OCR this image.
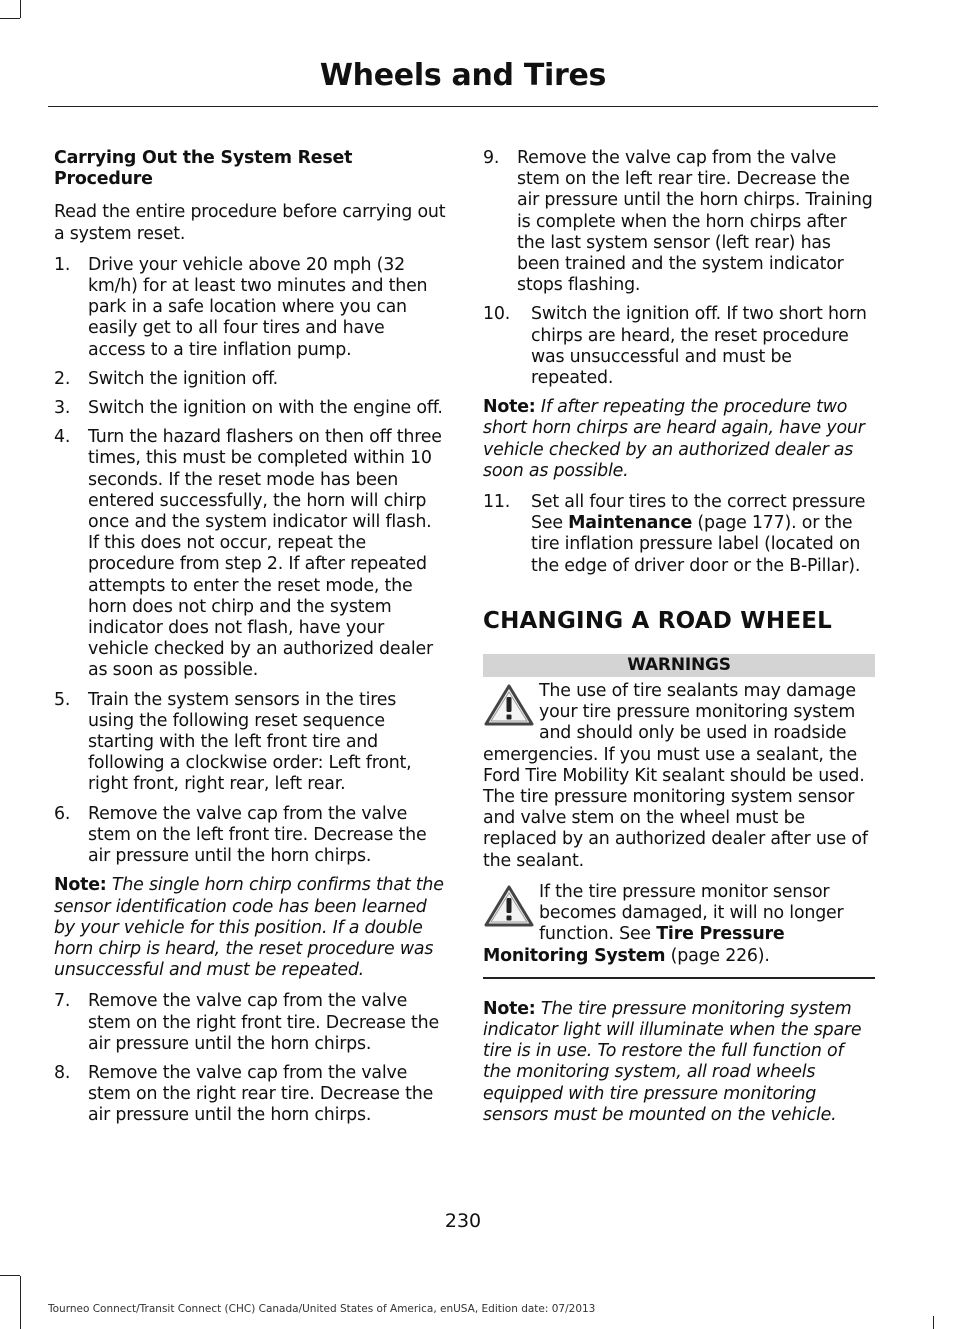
Wheels and Tires
Carrying Out the System Reset Procedure
Read the entire procedure before carrying out a system reset.
1.	Drive your vehicle above 20 mph (32 km/h) for at least two minutes and then park in a safe location where you can easily get to all four tires and have access to a tire inflation pump.
2.	Switch the ignition off.
3.	Switch the ignition on with the engine off.
4.	Turn the hazard flashers on then off three times, this must be completed within 10 seconds. If the reset mode has been entered successfully, the horn will chirp once and the system indicator will flash. If this does not occur, repeat the procedure from step 2. If after repeated attempts to enter the reset mode, the horn does not chirp and the system indicator does not flash, have your vehicle checked by an authorized dealer as soon as possible.
5.	Train the system sensors in the tires using the following reset sequence starting with the left front tire and following a clockwise order: Left front, right front, right rear, left rear.
6.	Remove the valve cap from the valve stem on the left front tire. Decrease the air pressure until the horn chirps.
Note: The single horn chirp confirms that the sensor identification code has been learned by your vehicle for this position. If a double horn chirp is heard, the reset procedure was unsuccessful and must be repeated.
7.	Remove the valve cap from the valve stem on the right front tire. Decrease the air pressure until the horn chirps.
8.	Remove the valve cap from the valve stem on the right rear tire. Decrease the air pressure until the horn chirps.
9.	Remove the valve cap from the valve stem on the left rear tire. Decrease the air pressure until the horn chirps. Training is complete when the horn chirps after the last system sensor (left rear) has been trained and the system indicator stops flashing.
10.	Switch the ignition off. If two short horn chirps are heard, the reset procedure was unsuccessful and must be repeated.
Note: If after repeating the procedure two short horn chirps are heard again, have your vehicle checked by an authorized dealer as soon as possible.
11.	Set all four tires to the correct pressure See Maintenance (page 177). or the tire inflation pressure label (located on the edge of driver door or the B-Pillar).
CHANGING A ROAD WHEEL
WARNINGS
The use of tire sealants may damage your tire pressure monitoring system and should only be used in roadside emergencies. If you must use a sealant, the Ford Tire Mobility Kit sealant should be used. The tire pressure monitoring system sensor and valve stem on the wheel must be replaced by an authorized dealer after use of the sealant.
If the tire pressure monitor sensor becomes damaged, it will no longer function. See Tire Pressure Monitoring System (page 226).
Note: The tire pressure monitoring system indicator light will illuminate when the spare tire is in use. To restore the full function of the monitoring system, all road wheels equipped with tire pressure monitoring sensors must be mounted on the vehicle.
230
Tourneo Connect/Transit Connect (CHC) Canada/United States of America, enUSA, Edition date: 07/2013
